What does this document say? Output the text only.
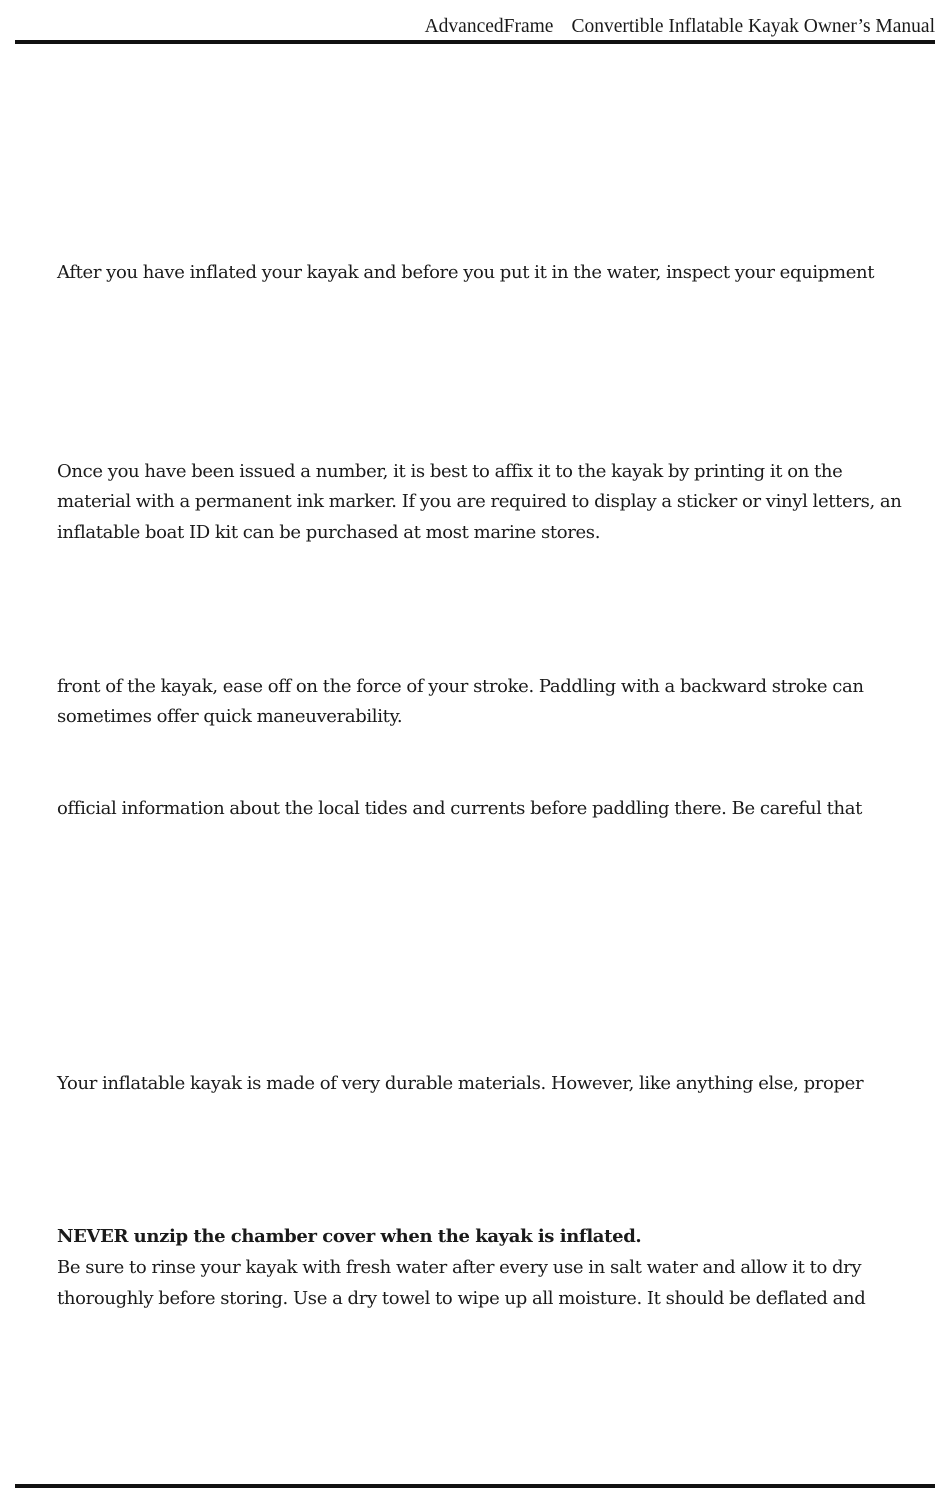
AdvancedFrame Convertible Inflatable Kayak Owner’s Manual
After you have inflated your kayak and before you put it in the water, inspect your equipment
Once you have been issued a number, it is best to affix it to the kayak by printing it on the
material with a permanent ink marker. If you are required to display a sticker or vinyl letters, an
inflatable boat ID kit can be purchased at most marine stores.
front of the kayak, ease off on the force of your stroke. Paddling with a backward stroke can
sometimes offer quick maneuverability.
official information about the local tides and currents before paddling there. Be careful that
Your inflatable kayak is made of very durable materials. However, like anything else, proper
NEVER unzip the chamber cover when the kayak is inflated.
Be sure to rinse your kayak with fresh water after every use in salt water and allow it to dry
thoroughly before storing. Use a dry towel to wipe up all moisture. It should be deflated and
